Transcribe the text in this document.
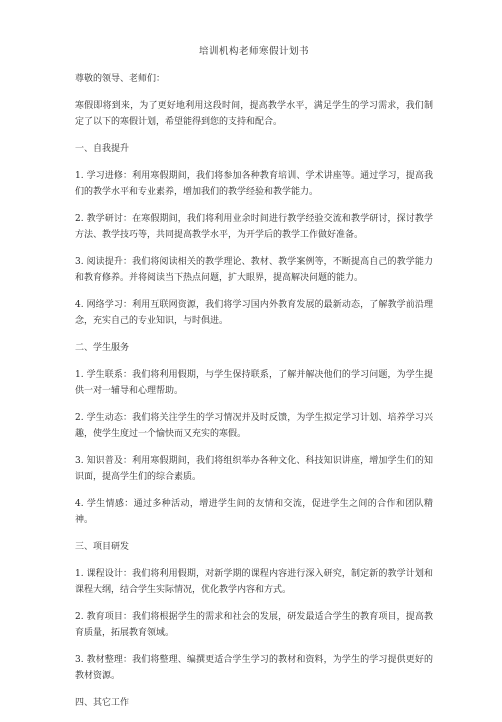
培训机构老师寒假计划书
尊敬的领导、老师们：
寒假即将到来，为了更好地利用这段时间，提高教学水平，满足学生的学习需求，我们制定了以下的寒假计划，希望能得到您的支持和配合。
一、自我提升
1. 学习进修：利用寒假期间，我们将参加各种教育培训、学术讲座等。通过学习，提高我们的教学水平和专业素养，增加我们的教学经验和教学能力。
2. 教学研讨：在寒假期间，我们将利用业余时间进行教学经验交流和教学研讨，探讨教学方法、教学技巧等，共同提高教学水平，为开学后的教学工作做好准备。
3. 阅读提升：我们将阅读相关的教学理论、教材、教学案例等，不断提高自己的教学能力和教育修养。并将阅读当下热点问题，扩大眼界，提高解决问题的能力。
4. 网络学习：利用互联网资源，我们将学习国内外教育发展的最新动态，了解教学前沿理念，充实自己的专业知识，与时俱进。
二、学生服务
1. 学生联系：我们将利用假期，与学生保持联系，了解并解决他们的学习问题，为学生提供一对一辅导和心理帮助。
2. 学生动态：我们将关注学生的学习情况并及时反馈，为学生拟定学习计划、培养学习兴趣，使学生度过一个愉快而又充实的寒假。
3. 知识普及：利用寒假期间，我们将组织举办各种文化、科技知识讲座，增加学生们的知识面，提高学生们的综合素质。
4. 学生情感：通过多种活动，增进学生间的友情和交流，促进学生之间的合作和团队精神。
三、项目研发
1. 课程设计：我们将利用假期，对新学期的课程内容进行深入研究，制定新的教学计划和课程大纲，结合学生实际情况，优化教学内容和方式。
2. 教育项目：我们将根据学生的需求和社会的发展，研发最适合学生的教育项目，提高教育质量，拓展教育领域。
3. 教材整理：我们将整理、编撰更适合学生学习的教材和资料，为学生的学习提供更好的教材资源。
四、其它工作
